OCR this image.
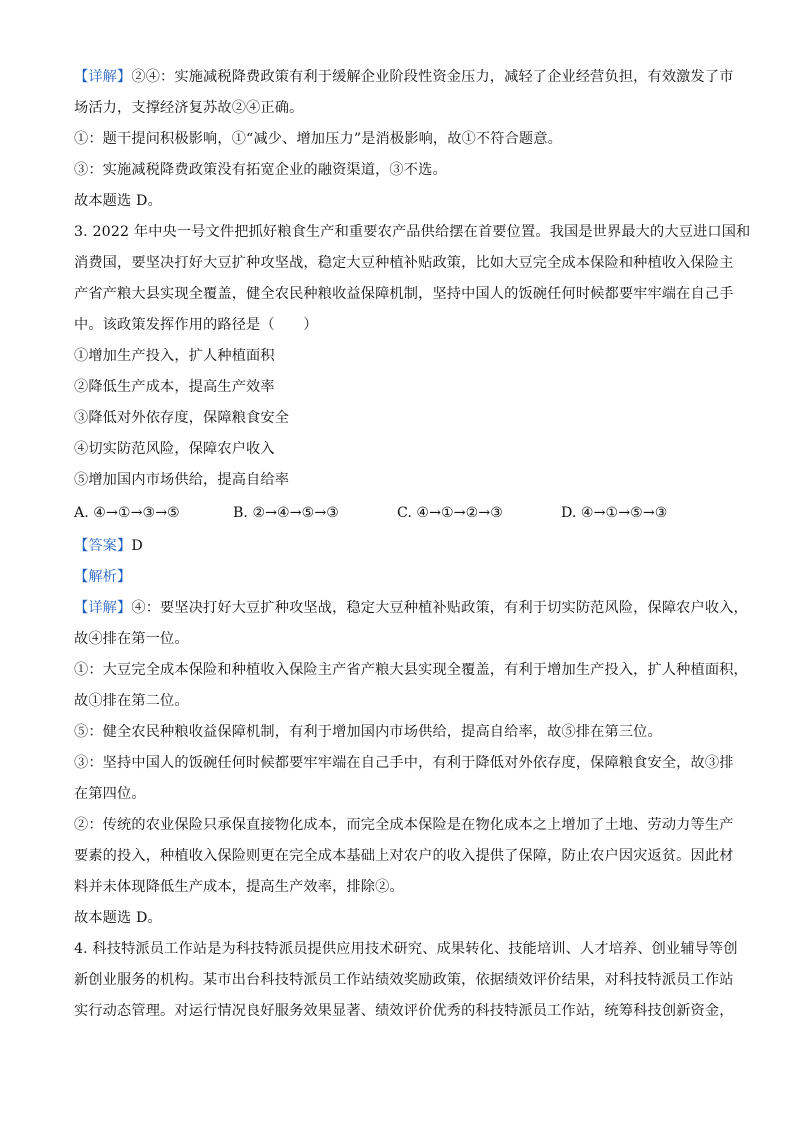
【详解】②④：实施减税降费政策有利于缓解企业阶段性资金压力，减轻了企业经营负担，有效激发了市
场活力，支撑经济复苏故②④正确。
①：题干提问积极影响，①“减少、增加压力”是消极影响，故①不符合题意。
③：实施减税降费政策没有拓宽企业的融资渠道，③不选。
故本题选 D。
3. 2022 年中央一号文件把抓好粮食生产和重要农产品供给摆在首要位置。我国是世界最大的大豆进口国和
消费国，要坚决打好大豆扩种攻坚战，稳定大豆种植补贴政策，比如大豆完全成本保险和种植收入保险主
产省产粮大县实现全覆盖，健全农民种粮收益保障机制，坚持中国人的饭碗任何时候都要牢牢端在自己手
中。该政策发挥作用的路径是（　　）
①增加生产投入，扩人种植面积
②降低生产成本，提高生产效率
③降低对外依存度，保障粮食安全
④切实防范风险，保障农户收入
⑤增加国内市场供给，提高自给率
A. ④→①→③→⑤	B. ②→④→⑤→③	C. ④→①→②→③	D. ④→①→⑤→③
【答案】D
【解析】
【详解】④：要坚决打好大豆扩种攻坚战，稳定大豆种植补贴政策，有利于切实防范风险，保障农户收入，
故④排在第一位。
①：大豆完全成本保险和种植收入保险主产省产粮大县实现全覆盖，有利于增加生产投入，扩人种植面积，
故①排在第二位。
⑤：健全农民种粮收益保障机制，有利于增加国内市场供给，提高自给率，故⑤排在第三位。
③：坚持中国人的饭碗任何时候都要牢牢端在自己手中，有利于降低对外依存度，保障粮食安全，故③排
在第四位。
②：传统的农业保险只承保直接物化成本，而完全成本保险是在物化成本之上增加了土地、劳动力等生产
要素的投入，种植收入保险则更在完全成本基础上对农户的收入提供了保障，防止农户因灾返贫。因此材
料并未体现降低生产成本，提高生产效率，排除②。
故本题选 D。
4. 科技特派员工作站是为科技特派员提供应用技术研究、成果转化、技能培训、人才培养、创业辅导等创
新创业服务的机构。某市出台科技特派员工作站绩效奖励政策，依据绩效评价结果，对科技特派员工作站
实行动态管理。对运行情况良好服务效果显著、绩效评价优秀的科技特派员工作站，统筹科技创新资金，
